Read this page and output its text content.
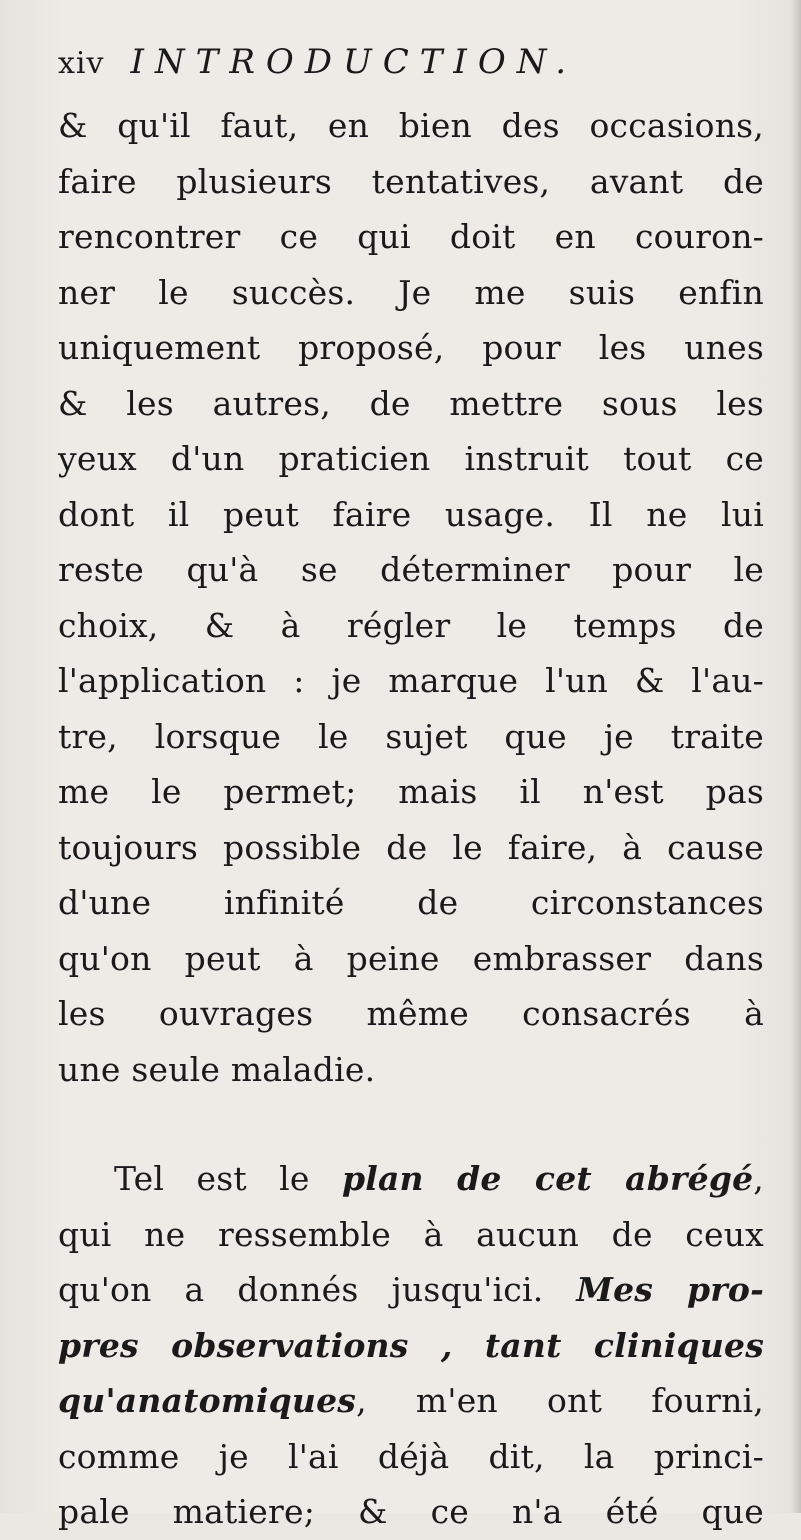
xiv INTRODUCTION.
& qu'il faut, en bien des occasions,
faire plusieurs tentatives, avant de
rencontrer ce qui doit en couron-
ner le succès. Je me suis enfin
uniquement proposé, pour les unes
& les autres, de mettre sous les
yeux d'un praticien instruit tout ce
dont il peut faire usage. Il ne lui
reste qu'à se déterminer pour le
choix, & à régler le temps de
l'application : je marque l'un & l'au-
tre, lorsque le sujet que je traite
me le permet; mais il n'est pas
toujours possible de le faire, à cause
d'une infinité de circonstances
qu'on peut à peine embrasser dans
les ouvrages même consacrés à
une seule maladie.
Tel est le plan de cet abrégé,
qui ne ressemble à aucun de ceux
qu'on a donnés jusqu'ici. Mes pro-
pres observations , tant cliniques
qu'anatomiques, m'en ont fourni,
comme je l'ai déjà dit, la princi-
pale matiere; & ce n'a été que
